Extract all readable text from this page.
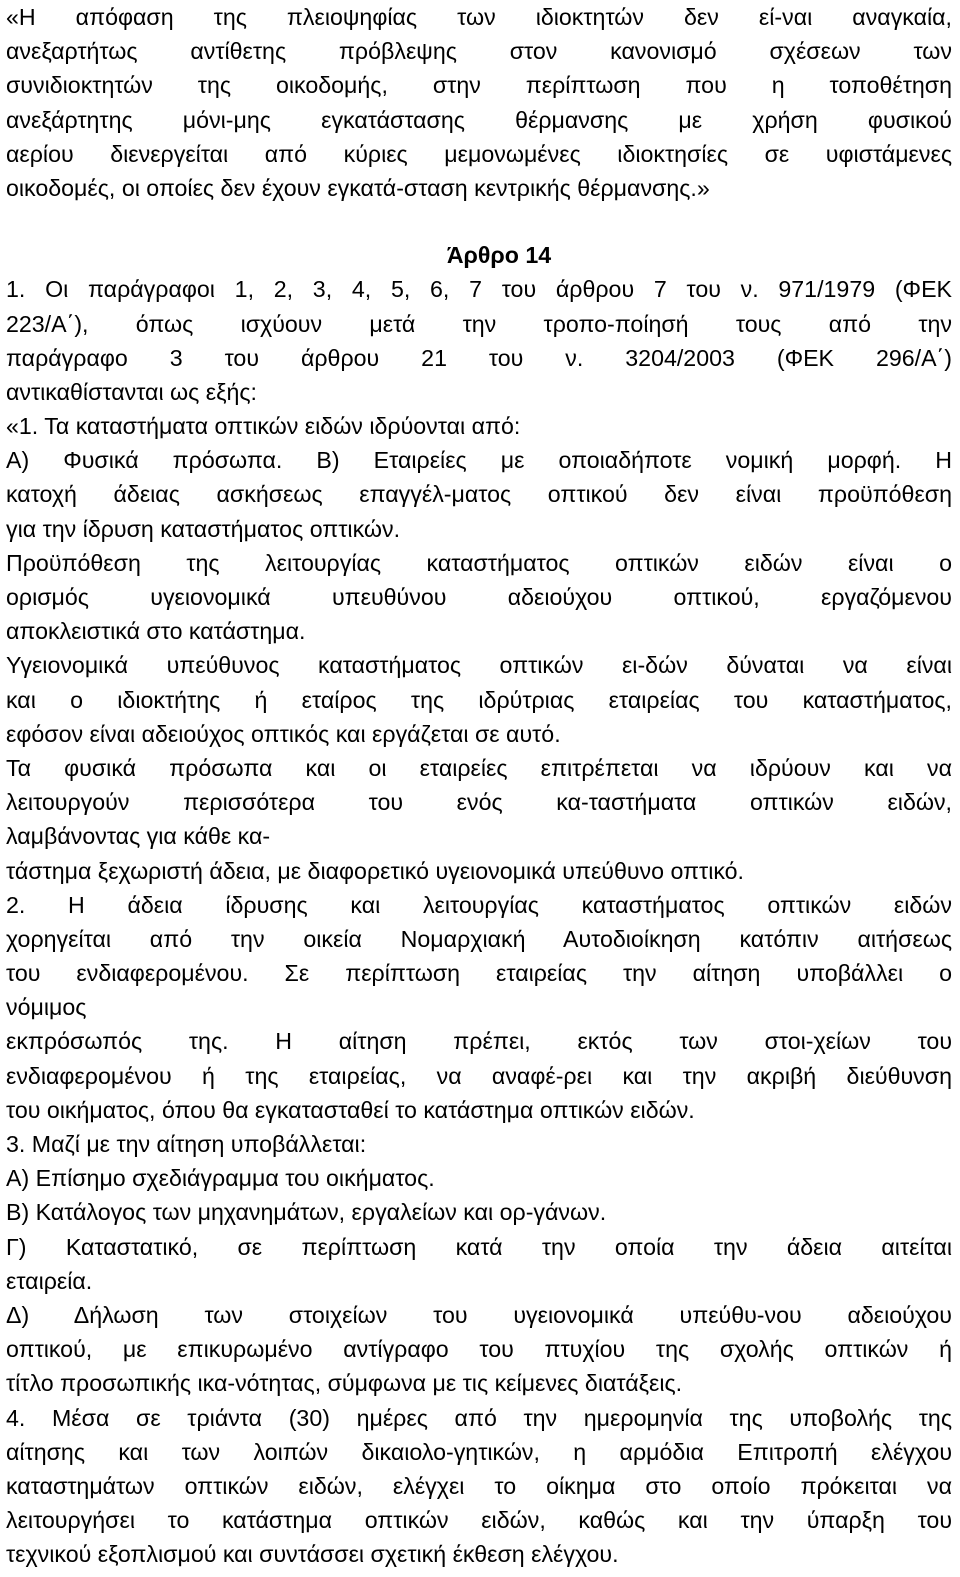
«Η απόφαση της πλειοψηφίας των ιδιοκτητών δεν εί-ναι αναγκαία,
ανεξαρτήτως αντίθετης πρόβλεψης στον κανονισμό σχέσεων των
συνιδιοκτητών της οικοδομής, στην περίπτωση που η τοποθέτηση
ανεξάρτητης μόνι-μης εγκατάστασης θέρμανσης με χρήση φυσικού
αερίου διενεργείται από κύριες μεμονωμένες ιδιοκτησίες σε υφιστάμενες
οικοδομές, οι οποίες δεν έχουν εγκατά-σταση κεντρικής θέρμανσης.»
Άρθρο 14
1. Οι παράγραφοι 1, 2, 3, 4, 5, 6, 7 του άρθρου 7 του ν. 971/1979 (ΦΕΚ
223/Α΄), όπως ισχύουν μετά την τροπο-ποίησή τους από την
παράγραφο 3 του άρθρου 21 του ν. 3204/2003 (ΦΕΚ 296/Α΄)
αντικαθίστανται ως εξής:
«1. Τα καταστήματα οπτικών ειδών ιδρύονται από:
Α) Φυσικά πρόσωπα. Β) Εταιρείες με οποιαδήποτε νομική μορφή. Η
κατοχή άδειας ασκήσεως επαγγέλ-ματος οπτικού δεν είναι προϋπόθεση
για την ίδρυση καταστήματος οπτικών.
Προϋπόθεση της λειτουργίας καταστήματος οπτικών ειδών είναι ο
ορισμός υγειονομικά υπευθύνου αδειούχου οπτικού, εργαζόμενου
αποκλειστικά στο κατάστημα.
Υγειονομικά υπεύθυνος καταστήματος οπτικών ει-δών δύναται να είναι
και ο ιδιοκτήτης ή εταίρος της ιδρύτριας εταιρείας του καταστήματος,
εφόσον είναι αδειούχος οπτικός και εργάζεται σε αυτό.
Τα φυσικά πρόσωπα και οι εταιρείες επιτρέπεται να ιδρύουν και να
λειτουργούν περισσότερα του ενός κα-ταστήματα οπτικών ειδών,
λαμβάνοντας για κάθε κα-
τάστημα ξεχωριστή άδεια, με διαφορετικό υγειονομικά υπεύθυνο οπτικό.
2. Η άδεια ίδρυσης και λειτουργίας καταστήματος οπτικών ειδών
χορηγείται από την οικεία Νομαρχιακή Αυτοδιοίκηση κατόπιν αιτήσεως
του ενδιαφερομένου. Σε περίπτωση εταιρείας την αίτηση υποβάλλει ο
νόμιμος
εκπρόσωπός της. Η αίτηση πρέπει, εκτός των στοι-χείων του
ενδιαφερομένου ή της εταιρείας, να αναφέ-ρει και την ακριβή διεύθυνση
του οικήματος, όπου θα εγκατασταθεί το κατάστημα οπτικών ειδών.
3. Μαζί με την αίτηση υποβάλλεται:
Α) Επίσημο σχεδιάγραμμα του οικήματος.
Β) Κατάλογος των μηχανημάτων, εργαλείων και ορ-γάνων.
Γ) Καταστατικό, σε περίπτωση κατά την οποία την άδεια αιτείται
εταιρεία.
Δ) Δήλωση των στοιχείων του υγειονομικά υπεύθυ-νου αδειούχου
οπτικού, με επικυρωμένο αντίγραφο του πτυχίου της σχολής οπτικών ή
τίτλο προσωπικής ικα-νότητας, σύμφωνα με τις κείμενες διατάξεις.
4. Μέσα σε τριάντα (30) ημέρες από την ημερομηνία της υποβολής της
αίτησης και των λοιπών δικαιολο-γητικών, η αρμόδια Επιτροπή ελέγχου
καταστημάτων οπτικών ειδών, ελέγχει το οίκημα στο οποίο πρόκειται να
λειτουργήσει το κατάστημα οπτικών ειδών, καθώς και την ύπαρξη του
τεχνικού εξοπλισμού και συντάσσει σχετική έκθεση ελέγχου.
